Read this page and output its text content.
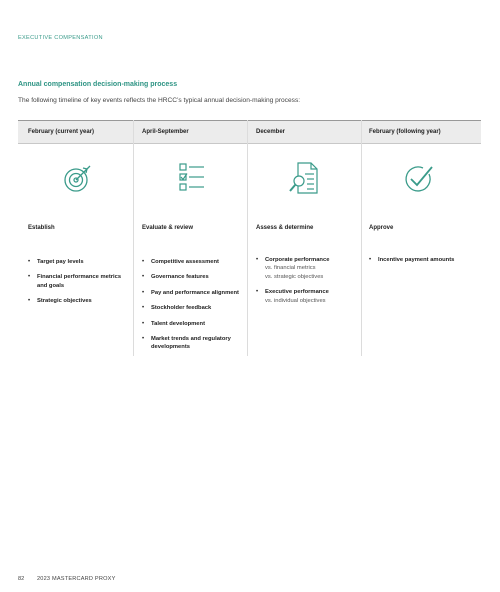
EXECUTIVE COMPENSATION
Annual compensation decision-making process
The following timeline of key events reflects the HRCC’s typical annual decision-making process:
February (current year)	April-September	December	February (following year)
Establish
• Target pay levels
• Financial performance metrics and goals
• Strategic objectives
Evaluate & review
• Competitive assessment
• Governance features
• Pay and performance alignment
• Stockholder feedback
• Talent development
• Market trends and regulatory developments
Assess & determine
• Corporate performance
vs. financial metrics
vs. strategic objectives
• Executive performance
vs. individual objectives
Approve
• Incentive payment amounts
82 2023 MASTERCARD PROXY
